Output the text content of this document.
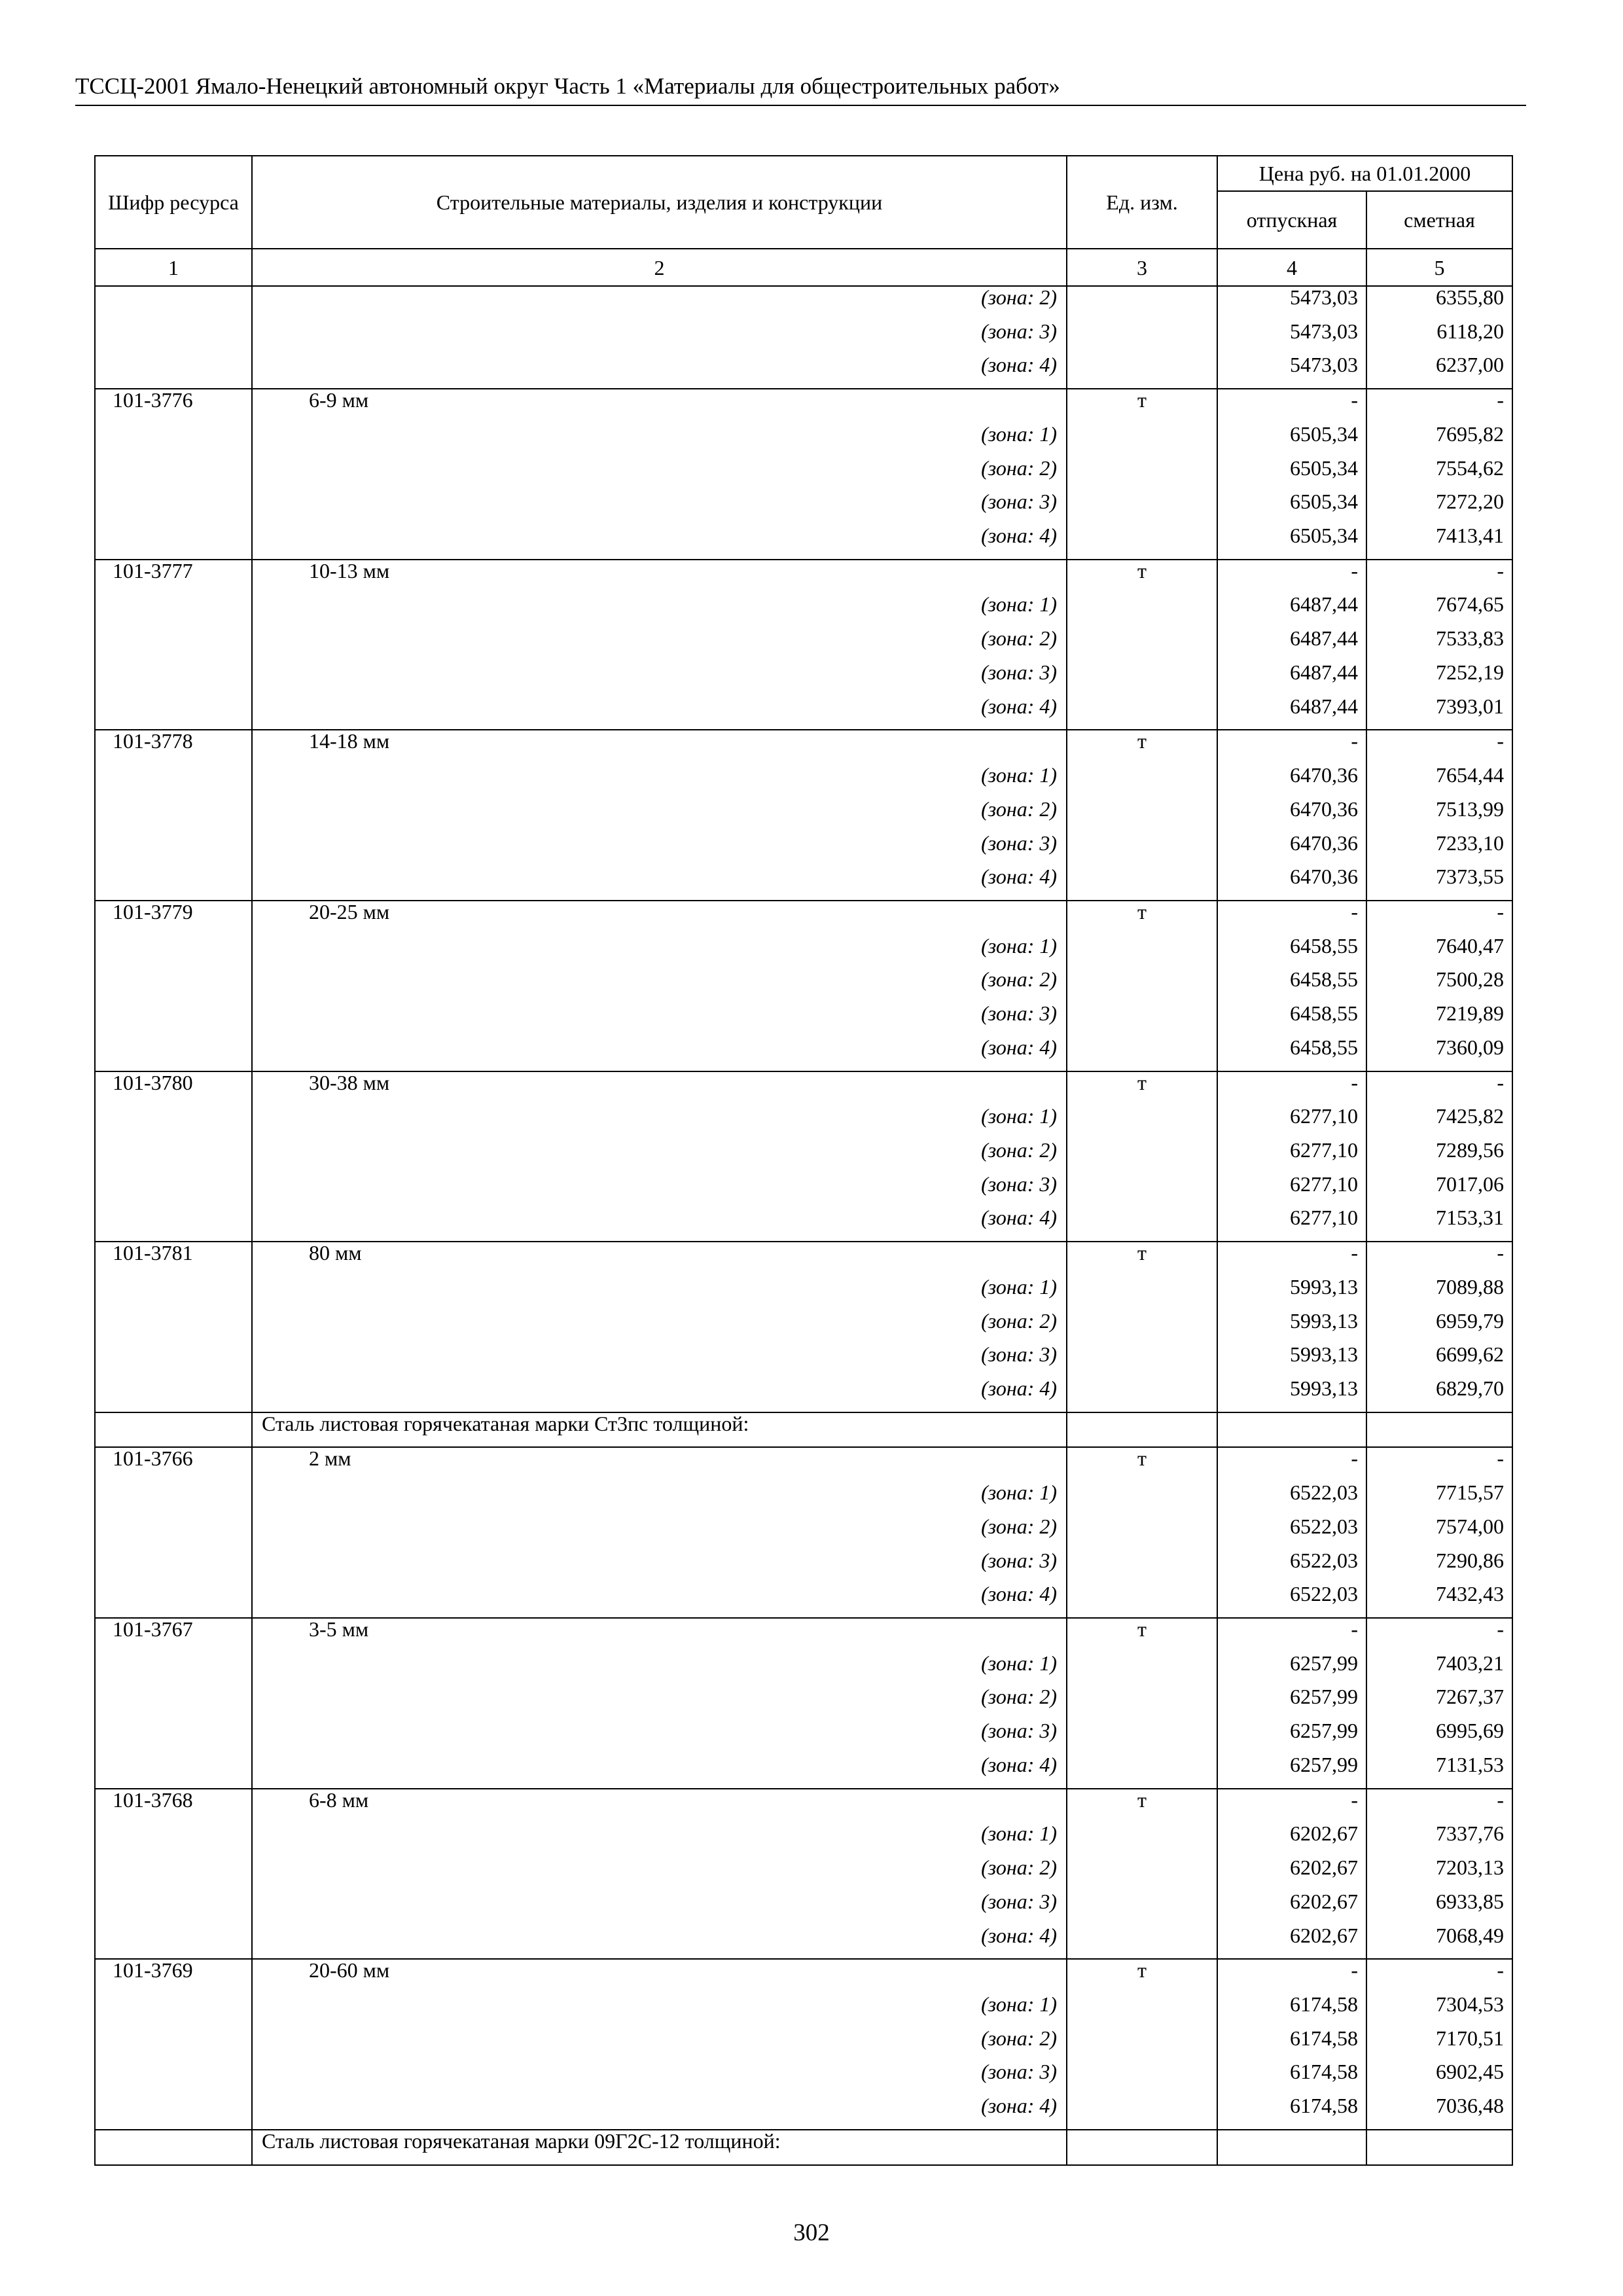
ТССЦ-2001 Ямало-Ненецкий автономный округ Часть 1 «Материалы для общестроительных работ»
Шифр ресурса	Строительные материалы, изделия и конструкции	Ед. изм.	Цена руб. на 01.01.2000	
			отпускная	сметная
1	2	3	4	5
	(зона: 2)		5473,03	6355,80
	(зона: 3)		5473,03	6118,20
	(зона: 4)		5473,03	6237,00
101-3776	6-9 мм	т	-	-
	(зона: 1)		6505,34	7695,82
	(зона: 2)		6505,34	7554,62
	(зона: 3)		6505,34	7272,20
	(зона: 4)		6505,34	7413,41
101-3777	10-13 мм	т	-	-
	(зона: 1)		6487,44	7674,65
	(зона: 2)		6487,44	7533,83
	(зона: 3)		6487,44	7252,19
	(зона: 4)		6487,44	7393,01
101-3778	14-18 мм	т	-	-
	(зона: 1)		6470,36	7654,44
	(зона: 2)		6470,36	7513,99
	(зона: 3)		6470,36	7233,10
	(зона: 4)		6470,36	7373,55
101-3779	20-25 мм	т	-	-
	(зона: 1)		6458,55	7640,47
	(зона: 2)		6458,55	7500,28
	(зона: 3)		6458,55	7219,89
	(зона: 4)		6458,55	7360,09
101-3780	30-38 мм	т	-	-
	(зона: 1)		6277,10	7425,82
	(зона: 2)		6277,10	7289,56
	(зона: 3)		6277,10	7017,06
	(зона: 4)		6277,10	7153,31
101-3781	80 мм	т	-	-
	(зона: 1)		5993,13	7089,88
	(зона: 2)		5993,13	6959,79
	(зона: 3)		5993,13	6699,62
	(зона: 4)		5993,13	6829,70
	Сталь листовая горячекатаная марки Ст3пс толщиной:			
101-3766	2 мм	т	-	-
	(зона: 1)		6522,03	7715,57
	(зона: 2)		6522,03	7574,00
	(зона: 3)		6522,03	7290,86
	(зона: 4)		6522,03	7432,43
101-3767	3-5 мм	т	-	-
	(зона: 1)		6257,99	7403,21
	(зона: 2)		6257,99	7267,37
	(зона: 3)		6257,99	6995,69
	(зона: 4)		6257,99	7131,53
101-3768	6-8 мм	т	-	-
	(зона: 1)		6202,67	7337,76
	(зона: 2)		6202,67	7203,13
	(зона: 3)		6202,67	6933,85
	(зона: 4)		6202,67	7068,49
101-3769	20-60 мм	т	-	-
	(зона: 1)		6174,58	7304,53
	(зона: 2)		6174,58	7170,51
	(зона: 3)		6174,58	6902,45
	(зона: 4)		6174,58	7036,48
	Сталь листовая горячекатаная марки 09Г2С-12 толщиной:			
302
